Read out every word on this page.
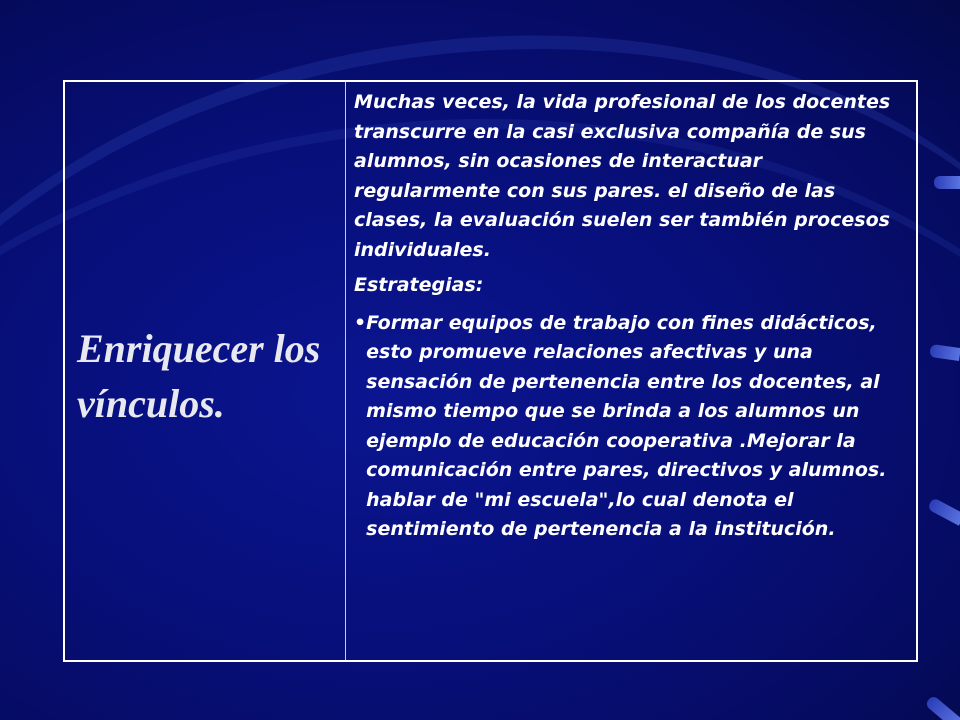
Enriquecer los vínculos.

Muchas veces, la vida profesional de los docentes transcurre en la casi exclusiva compañía de sus alumnos, sin ocasiones de interactuar regularmente con sus pares. el diseño de las clases, la evaluación suelen ser también procesos individuales.

Estrategias:

• Formar equipos de trabajo con fines didácticos, esto promueve relaciones afectivas y una sensación de pertenencia entre los docentes, al mismo tiempo que se brinda a los alumnos un ejemplo de educación cooperativa .Mejorar la comunicación entre pares, directivos y alumnos. hablar de "mi escuela",lo cual denota el sentimiento de pertenencia a la institución.
